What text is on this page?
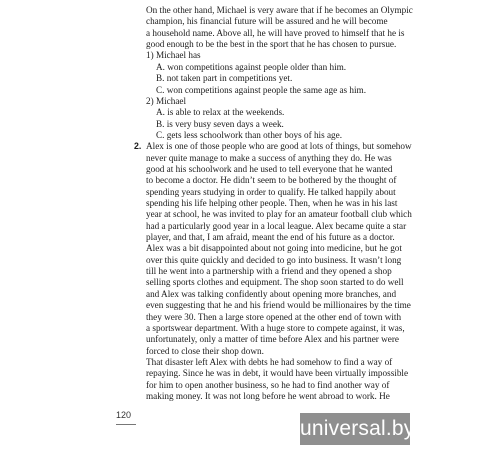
On the other hand, Michael is very aware that if he becomes an Olympic
champion, his financial future will be assured and he will become
a household name. Above all, he will have proved to himself that he is
good enough to be the best in the sport that he has chosen to pursue.
1) Michael has
A. won competitions against people older than him.
B. not taken part in competitions yet.
C. won competitions against people the same age as him.
2) Michael
A. is able to relax at the weekends.
B. is very busy seven days a week.
C. gets less schoolwork than other boys of his age.
Alex is one of those people who are good at lots of things, but somehow
2.
never quite manage to make a success of anything they do. He was
good at his schoolwork and he used to tell everyone that he wanted
to become a doctor. He didn’t seem to be bothered by the thought of
spending years studying in order to qualify. He talked happily about
spending his life helping other people. Then, when he was in his last
year at school, he was invited to play for an amateur football club which
had a particularly good year in a local league. Alex became quite a star
player, and that, I am afraid, meant the end of his future as a doctor.
Alex was a bit disappointed about not going into medicine, but he got
over this quite quickly and decided to go into business. It wasn’t long
till he went into a partnership with a friend and they opened a shop
selling sports clothes and equipment. The shop soon started to do well
and Alex was talking confidently about opening more branches, and
even suggesting that he and his friend would be millionaires by the time
they were 30. Then a large store opened at the other end of town with
a sportswear department. With a huge store to compete against, it was,
unfortunately, only a matter of time before Alex and his partner were
forced to close their shop down.
That disaster left Alex with debts he had somehow to find a way of
repaying. Since he was in debt, it would have been virtually impossible
for him to open another business, so he had to find another way of
making money. It was not long before he went abroad to work. He
120
universal.by
